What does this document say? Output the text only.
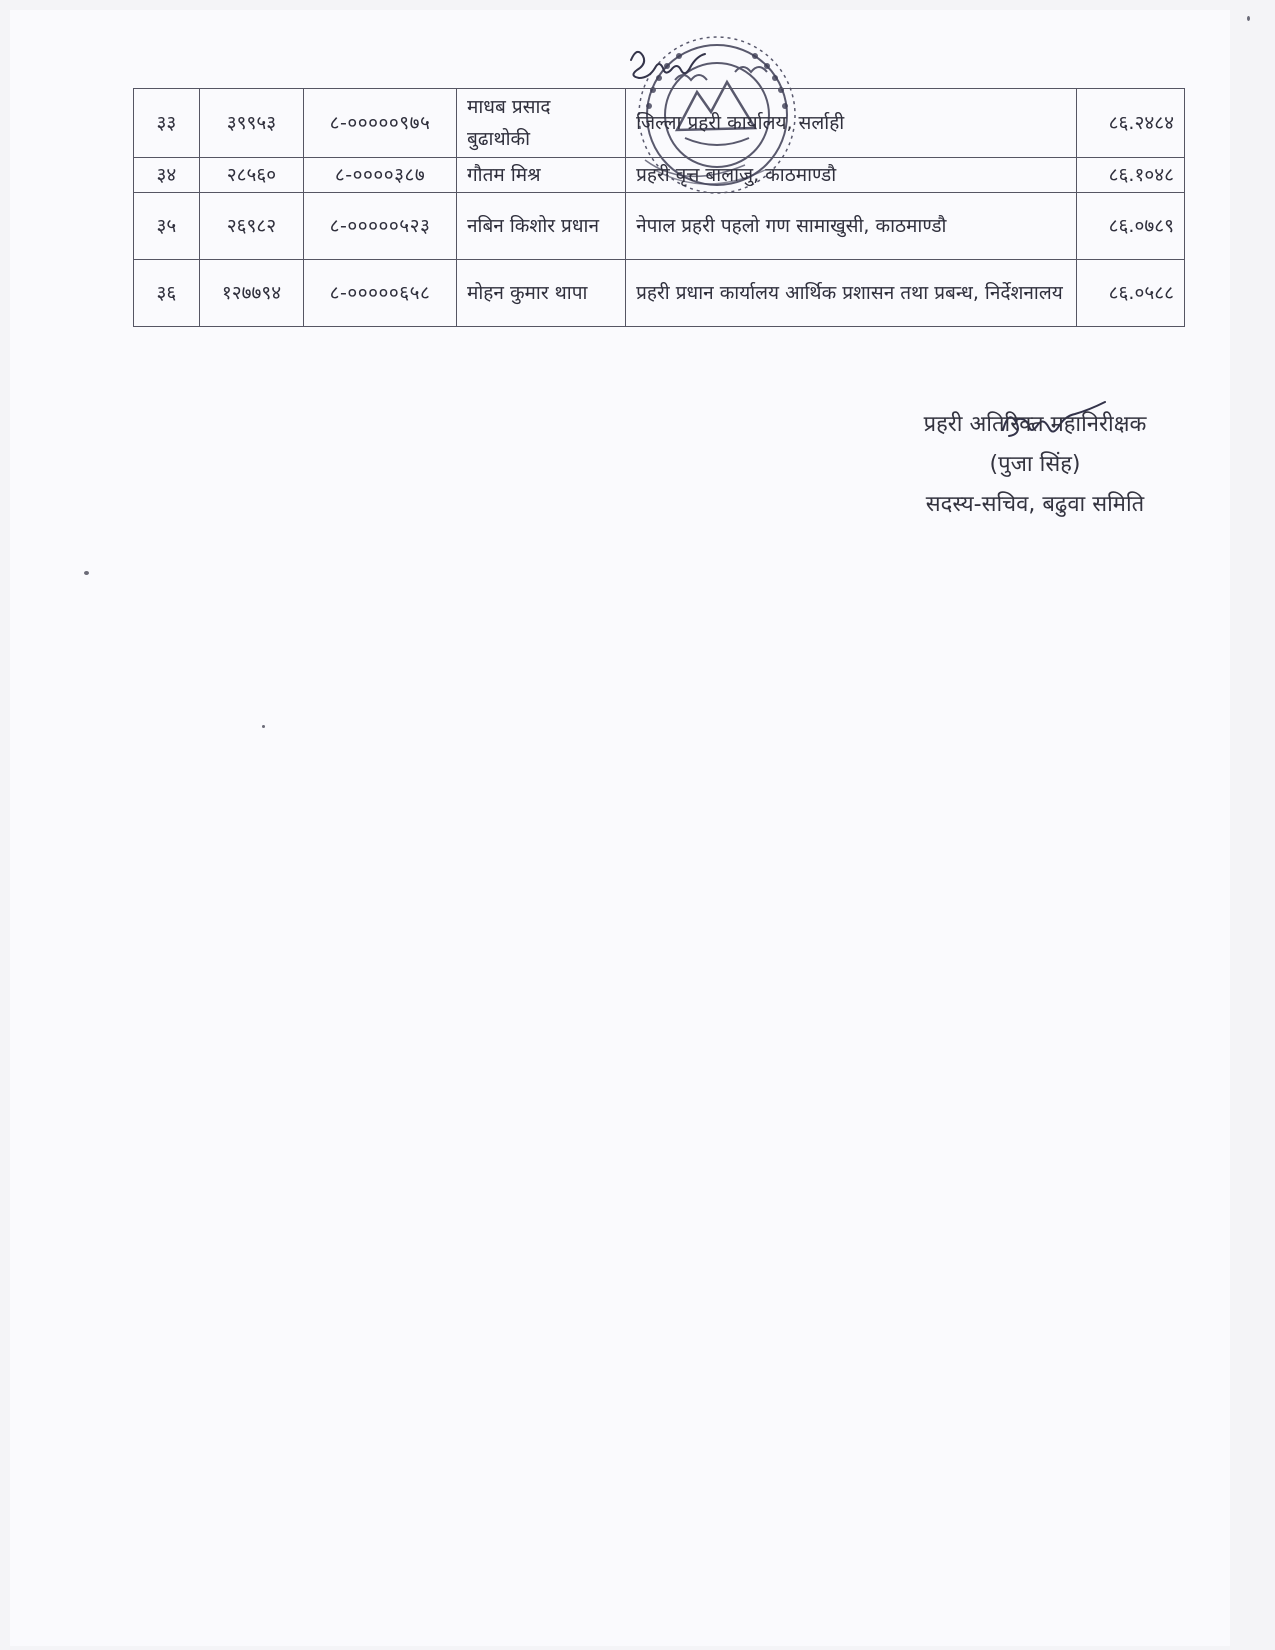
३३	३९९५३	८-०००००९७५	माधब प्रसाद बुढाथोकी	जिल्ला प्रहरी कार्यालय, सर्लाही	८६.२४८४
३४	२८५६०	८-००००३८७	गौतम मिश्र	प्रहरी वृत्त बालाजु, काठमाण्डौ	८६.१०४८
३५	२६९८२	८-०००००५२३	नबिन किशोर प्रधान	नेपाल प्रहरी पहलो गण सामाखुसी, काठमाण्डौ	८६.०७८९
३६	१२७७९४	८-०००००६५८	मोहन कुमार थापा	प्रहरी प्रधान कार्यालय आर्थिक प्रशासन तथा प्रबन्ध, निर्देशनालय	८६.०५८८
प्रहरी अतिरिक्त महानिरीक्षक
(पुजा सिंह)
सदस्य-सचिव, बढुवा समिति
